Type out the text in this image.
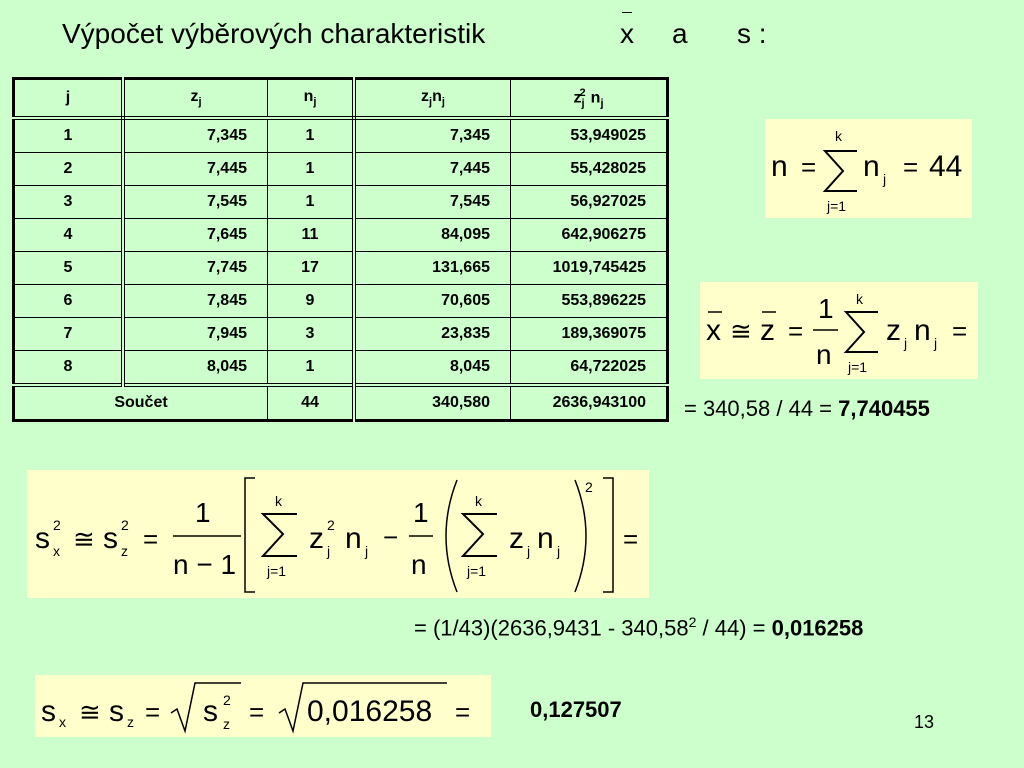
Výpočet výběrových charakteristik	x a s :
j	$z_j$	$n_j$	$z_jn_j$	$z_j^2$ $n_j$
1	7,345	1	7,345	53,949025
2	7,445	1	7,445	55,428025
3	7,545	1	7,545	56,927025
4	7,645	11	84,095	642,906275
5	7,745	17	131,665	1019,745425
6	7,845	9	70,605	553,896225
7	7,945	3	23,835	189,369075
8	8,045	1	8,045	64,722025
Součet		44	340,580	2636,943100
n =
k
j=1
n j = 44
x ≅ z =
1
n
k
j=1
z j n j =
= 340,58 / 44 = 7,740455
s 2
x ≅ s 2
z =
1
n − 1
k
j=1
z 2
j n j −
1
n
k
j=1
z j n j
2
=
= (1/43)(2636,9431 - 340,58$^2$ / 44) = 0,016258
s x ≅ s z = s 2
z = 0,016258 =	0,127507	13
